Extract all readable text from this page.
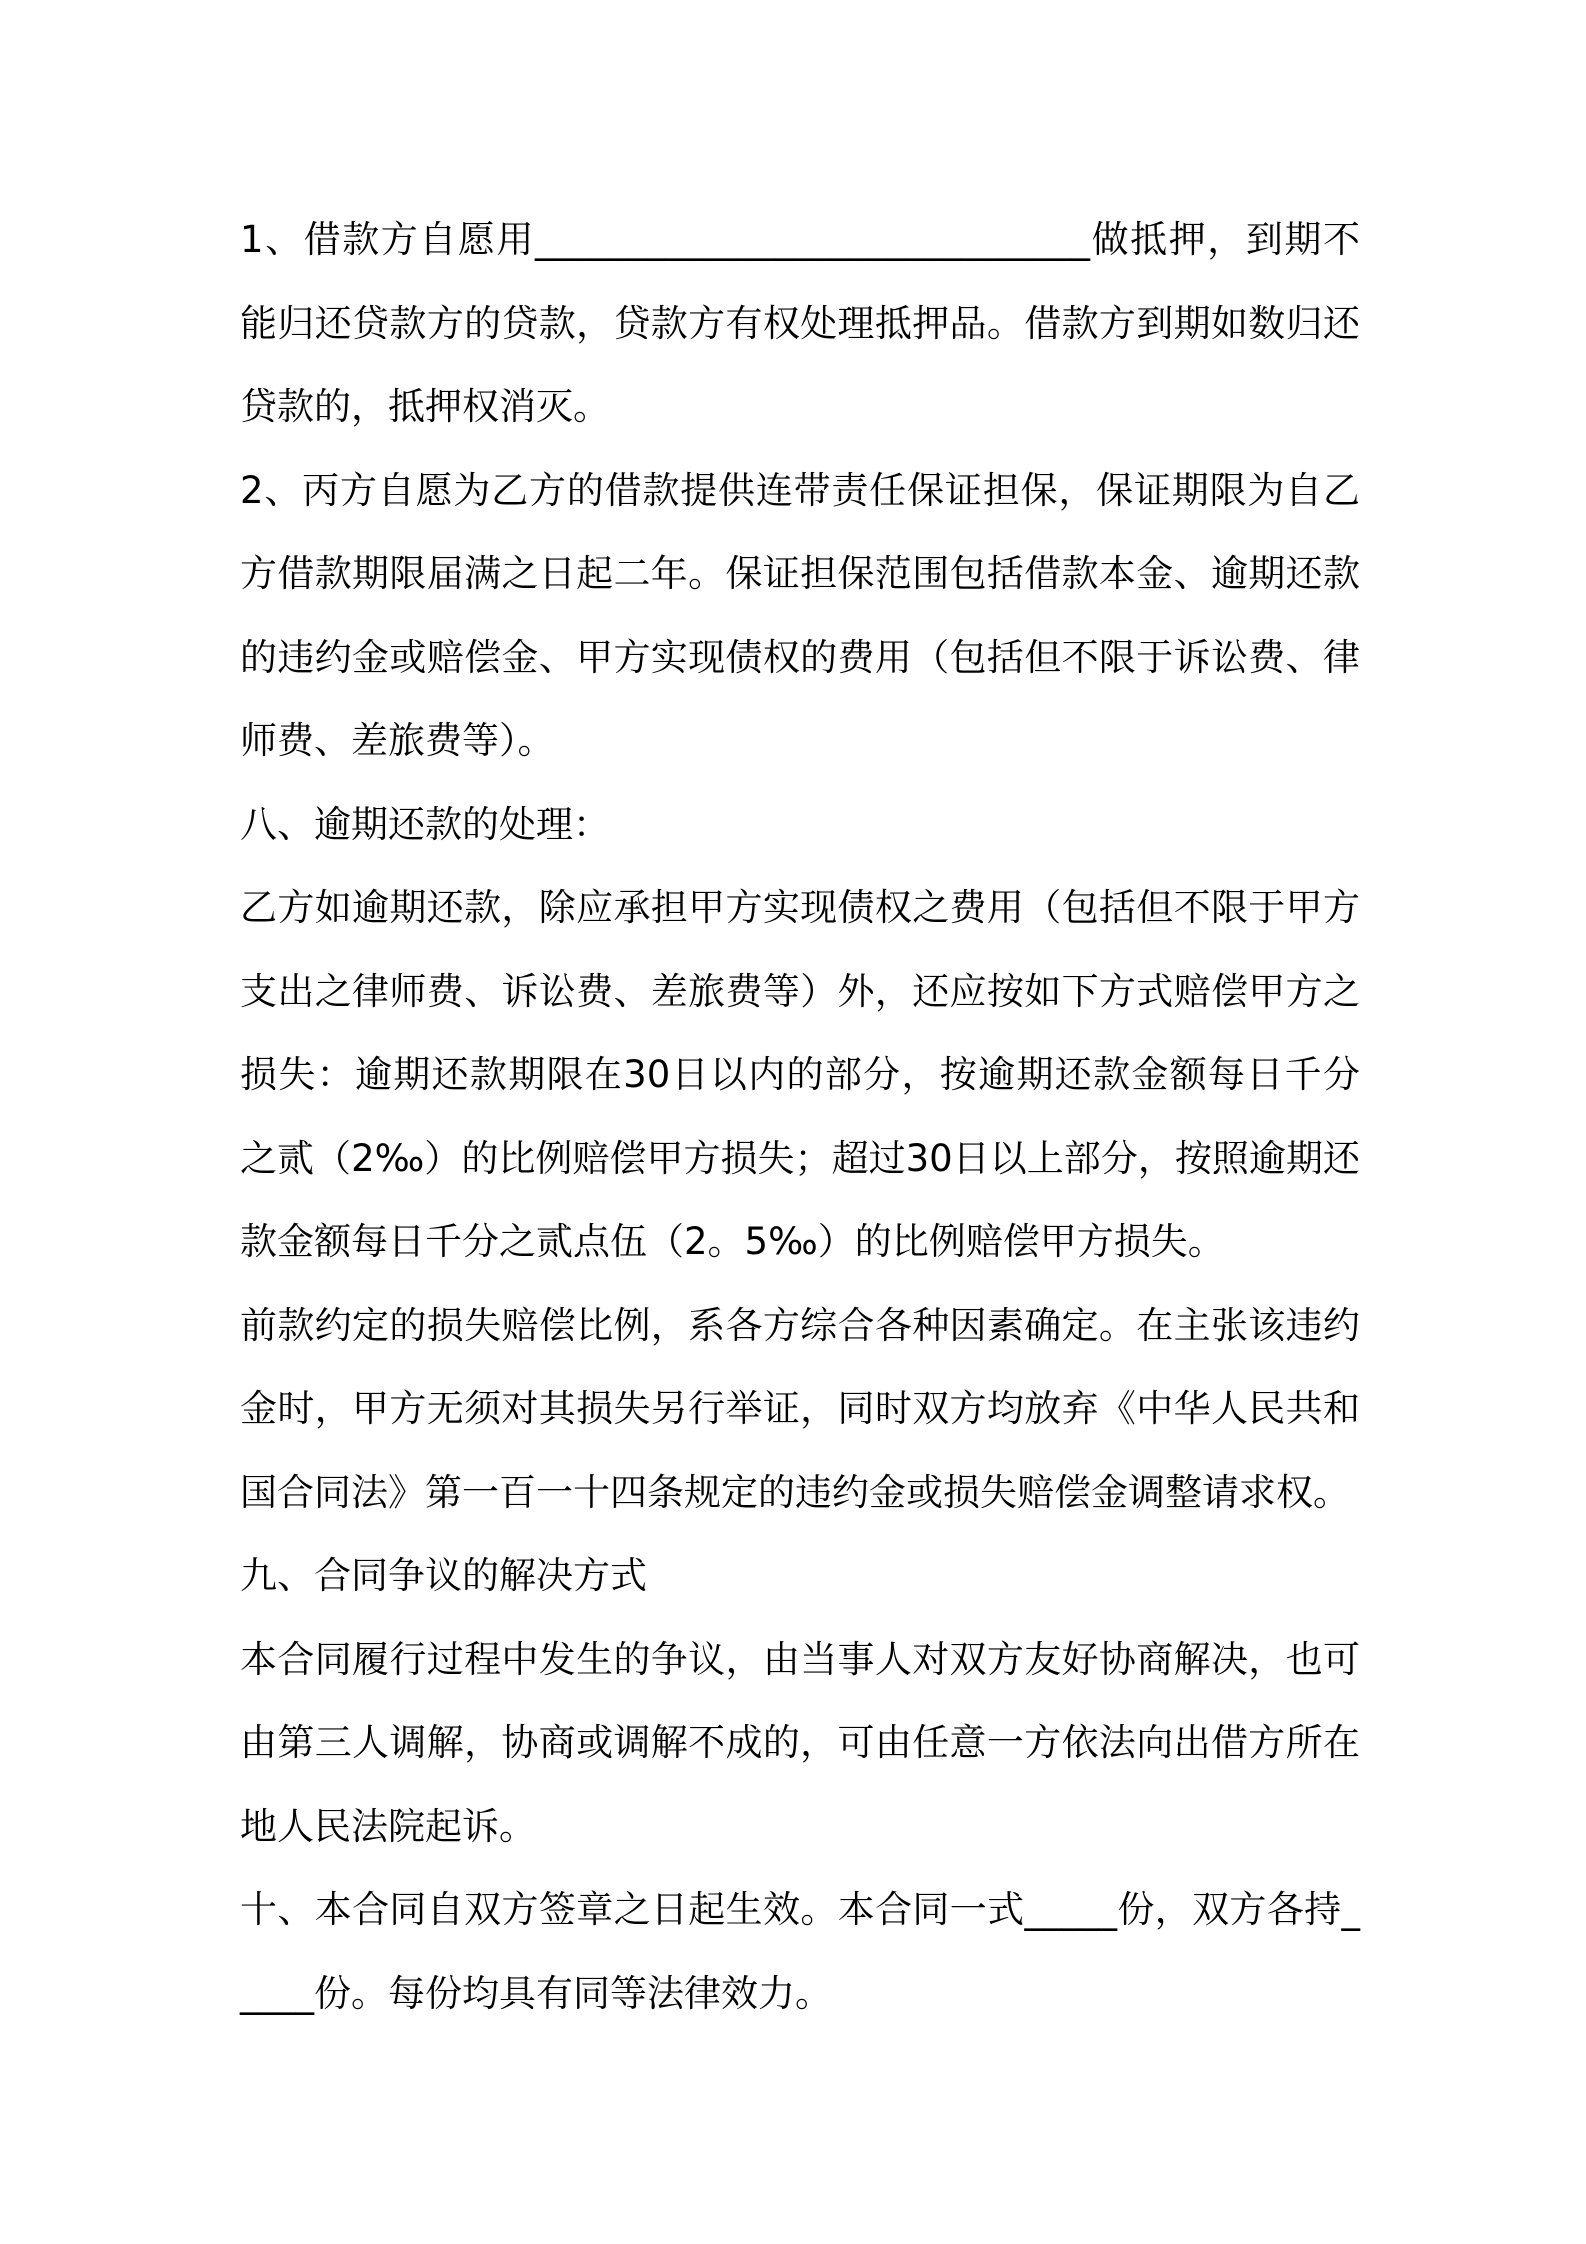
1、借款方自愿用______________________________做抵押，到期不能归还贷款方的贷款，贷款方有权处理抵押品。借款方到期如数归还贷款的，抵押权消灭。

2、丙方自愿为乙方的借款提供连带责任保证担保，保证期限为自乙方借款期限届满之日起二年。保证担保范围包括借款本金、逾期还款的违约金或赔偿金、甲方实现债权的费用（包括但不限于诉讼费、律师费、差旅费等）。

八、逾期还款的处理：

乙方如逾期还款，除应承担甲方实现债权之费用（包括但不限于甲方支出之律师费、诉讼费、差旅费等）外，还应按如下方式赔偿甲方之损失：逾期还款期限在30日以内的部分，按逾期还款金额每日千分之贰（2‰）的比例赔偿甲方损失；超过30日以上部分，按照逾期还款金额每日千分之贰点伍（2。5‰）的比例赔偿甲方损失。

前款约定的损失赔偿比例，系各方综合各种因素确定。在主张该违约金时，甲方无须对其损失另行举证，同时双方均放弃《中华人民共和国合同法》第一百一十四条规定的违约金或损失赔偿金调整请求权。

九、合同争议的解决方式

本合同履行过程中发生的争议，由当事人对双方友好协商解决，也可由第三人调解，协商或调解不成的，可由任意一方依法向出借方所在地人民法院起诉。

十、本合同自双方签章之日起生效。本合同一式_____份，双方各持_____份。每份均具有同等法律效力。
